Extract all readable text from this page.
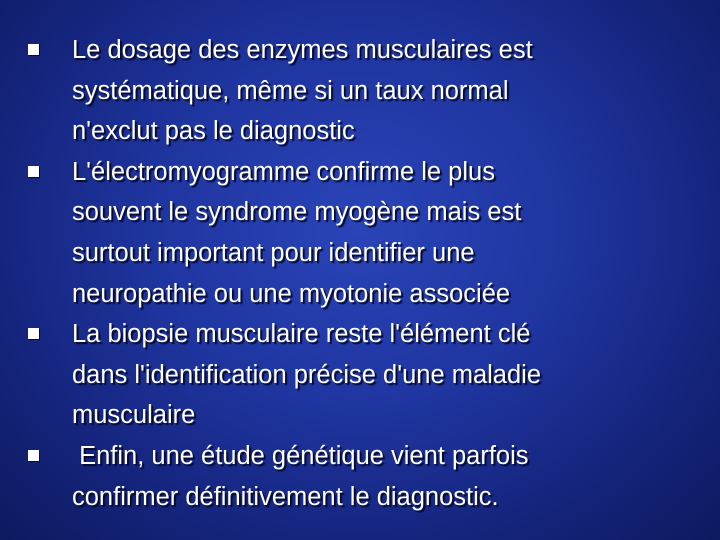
Le dosage des enzymes musculaires est
systématique, même si un taux normal
n'exclut pas le diagnostic
L'électromyogramme confirme le plus
souvent le syndrome myogène mais est
surtout important pour identifier une
neuropathie ou une myotonie associée
La biopsie musculaire reste l'élément clé
dans l'identification précise d'une maladie
musculaire
Enfin, une étude génétique vient parfois
confirmer définitivement le diagnostic.
